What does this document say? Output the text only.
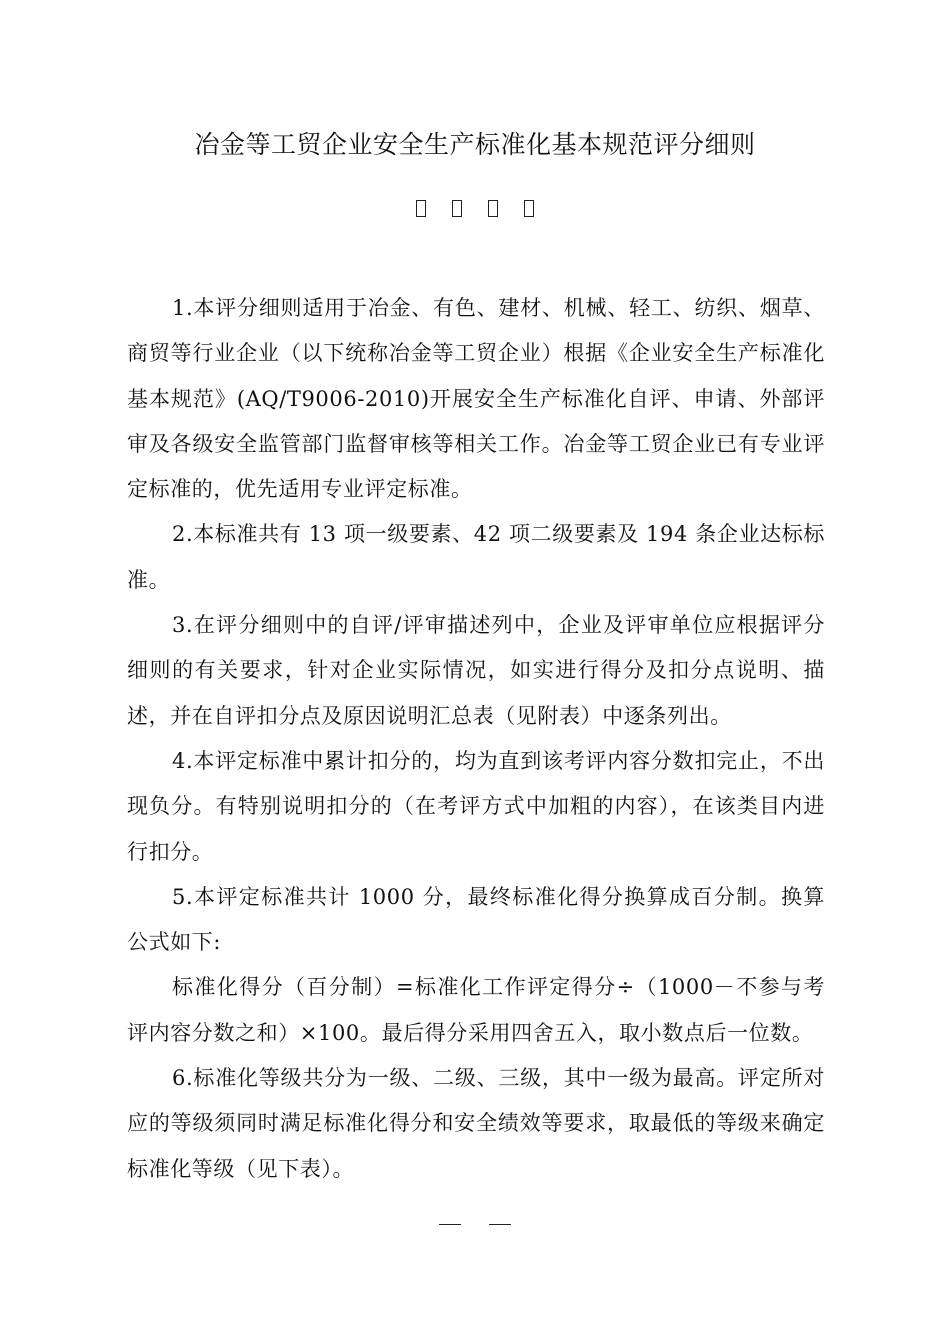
冶金等工贸企业安全生产标准化基本规范评分细则

1.本评分细则适用于冶金、有色、建材、机械、轻工、纺织、烟草、商贸等行业企业（以下统称冶金等工贸企业）根据《企业安全生产标准化基本规范》(AQ/T9006-2010)开展安全生产标准化自评、申请、外部评审及各级安全监管部门监督审核等相关工作。冶金等工贸企业已有专业评定标准的，优先适用专业评定标准。

2.本标准共有 13 项一级要素、42 项二级要素及 194 条企业达标标准。

3.在评分细则中的自评/评审描述列中，企业及评审单位应根据评分细则的有关要求，针对企业实际情况，如实进行得分及扣分点说明、描述，并在自评扣分点及原因说明汇总表（见附表）中逐条列出。

4.本评定标准中累计扣分的，均为直到该考评内容分数扣完止，不出现负分。有特别说明扣分的（在考评方式中加粗的内容），在该类目内进行扣分。

5.本评定标准共计 1000 分，最终标准化得分换算成百分制。换算公式如下:

标准化得分（百分制）=标准化工作评定得分÷（1000－不参与考评内容分数之和）×100。最后得分采用四舍五入，取小数点后一位数。

6.标准化等级共分为一级、二级、三级，其中一级为最高。评定所对应的等级须同时满足标准化得分和安全绩效等要求，取最低的等级来确定标准化等级（见下表）。
